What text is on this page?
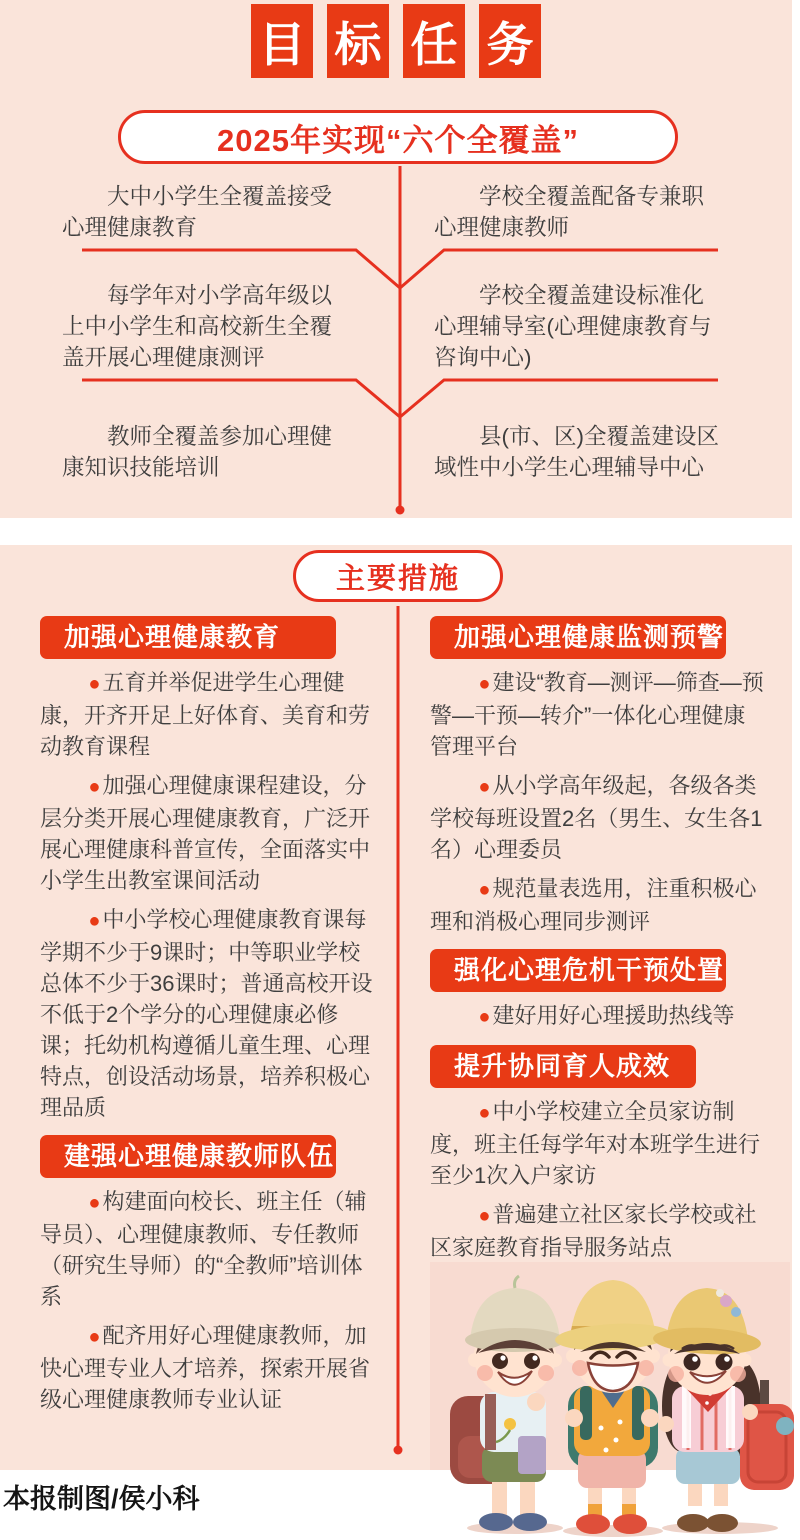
目 标 任 务
2025年实现“六个全覆盖”

大中小学生全覆盖接受心理健康教育

学校全覆盖配备专兼职心理健康教师

每学年对小学高年级以上中小学生和高校新生全覆盖开展心理健康测评

学校全覆盖建设标准化心理辅导室(心理健康教育与咨询中心)

教师全覆盖参加心理健康知识技能培训

县(市、区)全覆盖建设区域性中小学生心理辅导中心

主要措施
加强心理健康教育

●五育并举促进学生心理健康，开齐开足上好体育、美育和劳动教育课程

●加强心理健康课程建设，分层分类开展心理健康教育，广泛开展心理健康科普宣传，全面落实中小学生出教室课间活动

●中小学校心理健康教育课每学期不少于9课时；中等职业学校总体不少于36课时；普通高校开设不低于2个学分的心理健康必修课；托幼机构遵循儿童生理、心理特点，创设活动场景，培养积极心理品质

建强心理健康教师队伍

●构建面向校长、班主任（辅导员）、心理健康教师、专任教师（研究生导师）的“全教师”培训体系

●配齐用好心理健康教师，加快心理专业人才培养，探索开展省级心理健康教师专业认证

加强心理健康监测预警

●建设“教育—测评—筛查—预警—干预—转介”一体化心理健康管理平台

●从小学高年级起，各级各类学校每班设置2名（男生、女生各1名）心理委员

●规范量表选用，注重积极心理和消极心理同步测评

强化心理危机干预处置

●建好用好心理援助热线等

提升协同育人成效

●中小学校建立全员家访制度，班主任每学年对本班学生进行至少1次入户家访

●普遍建立社区家长学校或社区家庭教育指导服务站点

本报制图/侯小科
